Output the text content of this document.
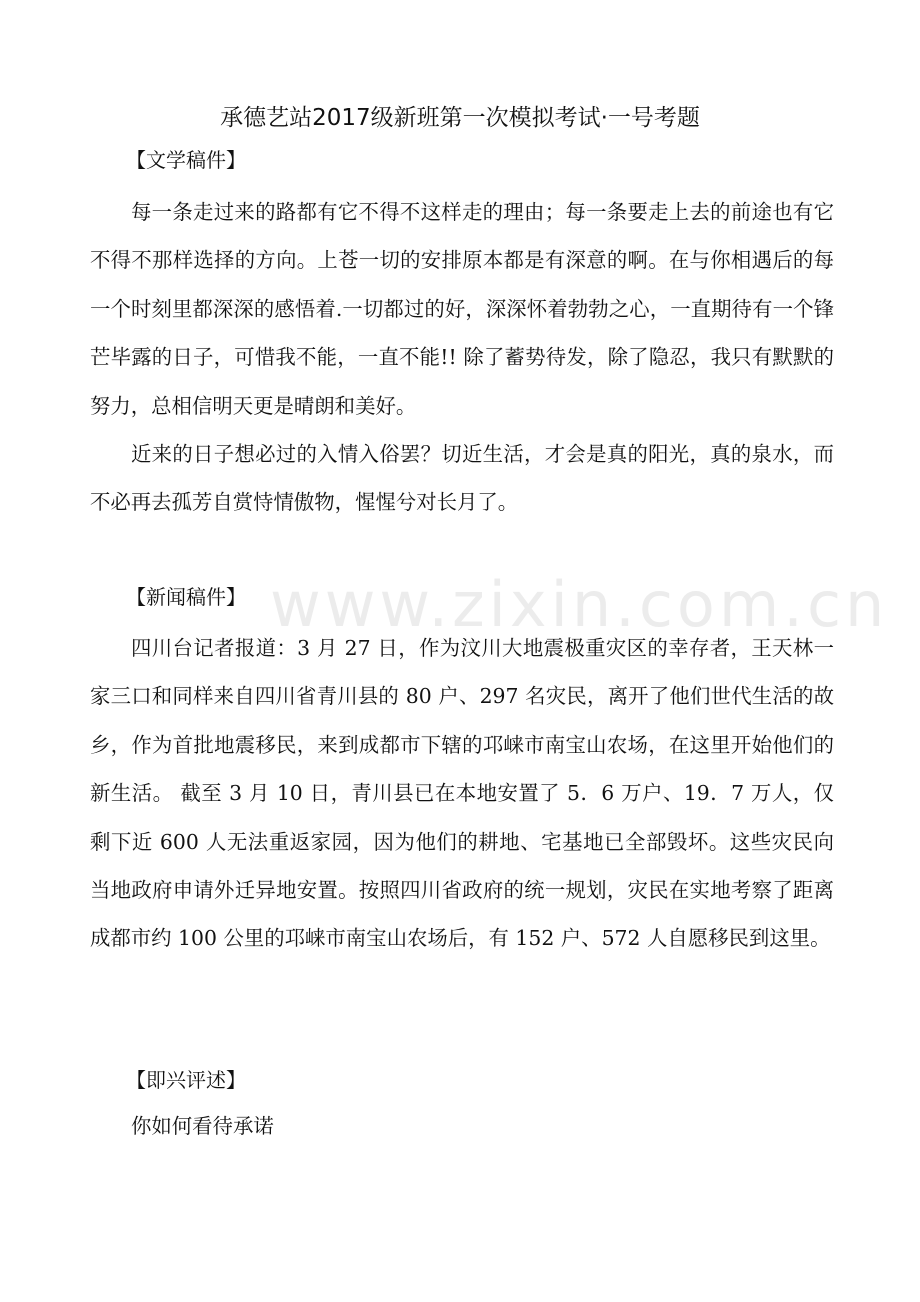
www.zixin.com.cn
承德艺站2017级新班第一次模拟考试·一号考题
【文学稿件】

每一条走过来的路都有它不得不这样走的理由；每一条要走上去的前途也有它不得不那样选择的方向。上苍一切的安排原本都是有深意的啊。在与你相遇后的每一个时刻里都深深的感悟着.一切都过的好，深深怀着勃勃之心，一直期待有一个锋芒毕露的日子，可惜我不能，一直不能!! 除了蓄势待发，除了隐忍，我只有默默的努力，总相信明天更是晴朗和美好。

近来的日子想必过的入情入俗罢？切近生活，才会是真的阳光，真的泉水，而不必再去孤芳自赏恃情傲物，惺惺兮对长月了。

【新闻稿件】

四川台记者报道：3 月 27 日，作为汶川大地震极重灾区的幸存者，王天林一家三口和同样来自四川省青川县的 80 户、297 名灾民，离开了他们世代生活的故乡，作为首批地震移民，来到成都市下辖的邛崃市南宝山农场，在这里开始他们的新生活。 截至 3 月 10 日，青川县已在本地安置了 5．6 万户、19．7 万人，仅剩下近 600 人无法重返家园，因为他们的耕地、宅基地已全部毁坏。这些灾民向当地政府申请外迁异地安置。按照四川省政府的统一规划，灾民在实地考察了距离成都市约 100 公里的邛崃市南宝山农场后，有 152 户、572 人自愿移民到这里。

【即兴评述】

你如何看待承诺
